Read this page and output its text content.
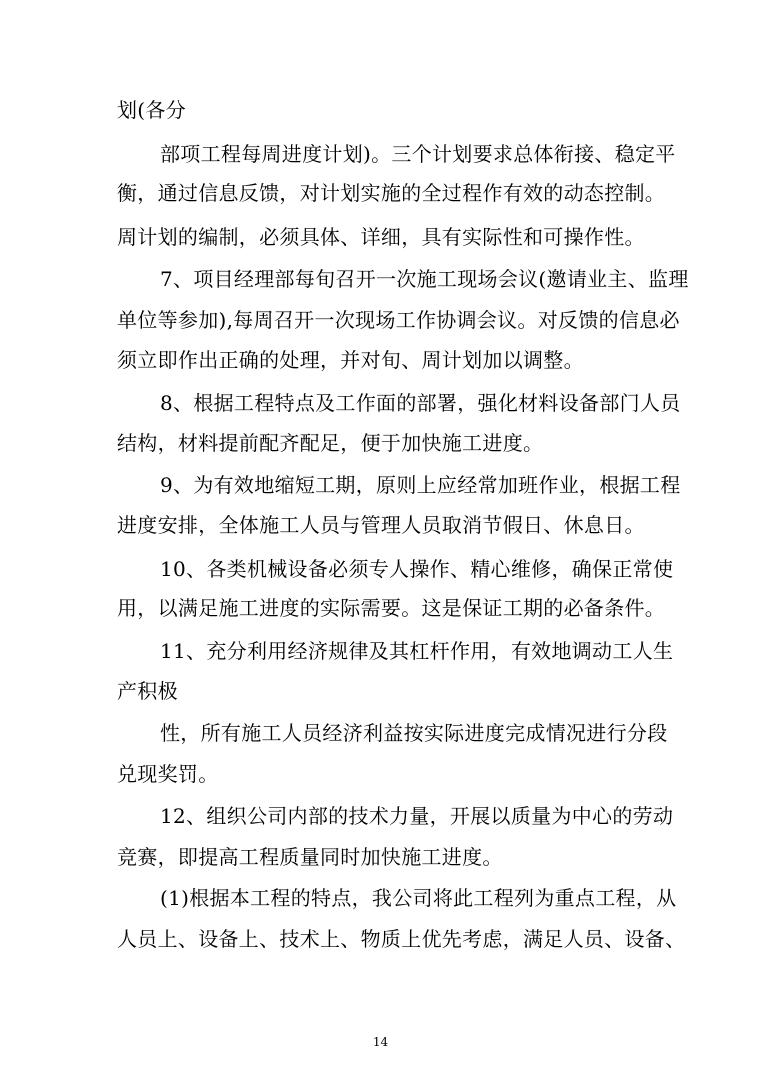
划(各分
部项工程每周进度计划)。三个计划要求总体衔接、稳定平
衡，通过信息反馈，对计划实施的全过程作有效的动态控制。
周计划的编制，必须具体、详细，具有实际性和可操作性。
7、项目经理部每旬召开一次施工现场会议(邀请业主、监理
单位等参加),每周召开一次现场工作协调会议。对反馈的信息必
须立即作出正确的处理，并对旬、周计划加以调整。
8、根据工程特点及工作面的部署，强化材料设备部门人员
结构，材料提前配齐配足，便于加快施工进度。
9、为有效地缩短工期，原则上应经常加班作业，根据工程
进度安排，全体施工人员与管理人员取消节假日、休息日。
10、各类机械设备必须专人操作、精心维修，确保正常使
用，以满足施工进度的实际需要。这是保证工期的必备条件。
11、充分利用经济规律及其杠杆作用，有效地调动工人生
产积极
性，所有施工人员经济利益按实际进度完成情况进行分段
兑现奖罚。
12、组织公司内部的技术力量，开展以质量为中心的劳动
竞赛，即提高工程质量同时加快施工进度。
(1)根据本工程的特点，我公司将此工程列为重点工程，从
人员上、设备上、技术上、物质上优先考虑，满足人员、设备、
14
